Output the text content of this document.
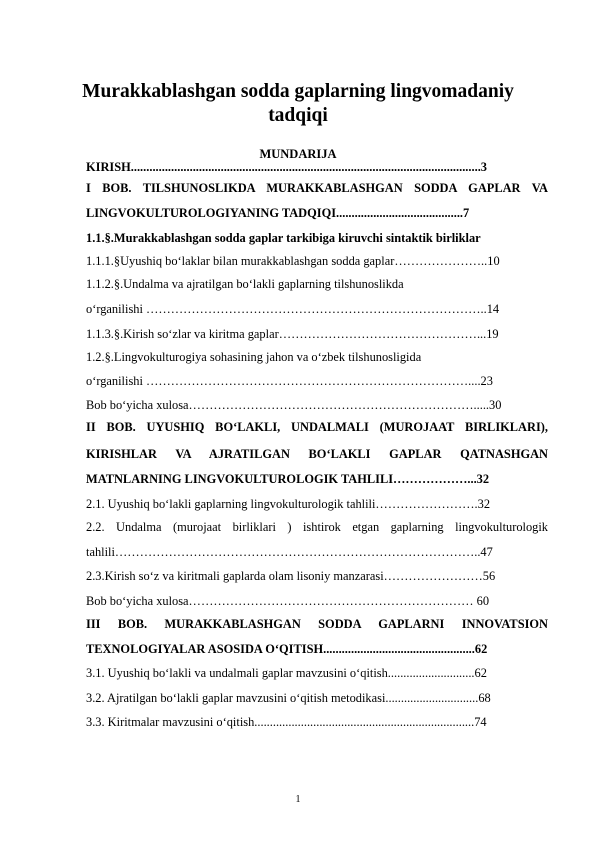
Murakkablashgan sodda gaplarning lingvomadaniy tadqiqi
MUNDARIJA
KIRISH.................................................................................................................3
I BOB. TILSHUNOSLIKDA MURAKKABLASHGAN SODDA GAPLAR VA
LINGVOKULTUROLOGIYANING TADQIQI.........................................7
1.1.§.Murakkablashgan sodda gaplar tarkibiga kiruvchi sintaktik birliklar
1.1.1.§Uyushiq bo‘laklar bilan murakkablashgan sodda gaplar…………………..10
1.1.2.§.Undalma va ajratilgan bo‘lakli gaplarning tilshunoslikda
o‘rganilishi ………………………………………………………………………..14
1.1.3.§.Kirish so‘zlar va kiritma gaplar…………………………………………...19
1.2.§.Lingvokulturogiya sohasining jahon va o‘zbek tilshunosligida
o‘rganilishi ……………………………………………………………………....23
Bob bo‘yicha xulosa…………………………………………………………….....30
II BOB. UYUSHIQ BO‘LAKLI, UNDALMALI (MUROJAAT BIRLIKLARI),
KIRISHLAR VA AJRATILGAN BO‘LAKLI GAPLAR QATNASHGAN
MATNLARNING LINGVOKULTUROLOGIK TAHLILI………………...32
2.1. Uyushiq bo‘lakli gaplarning lingvokulturologik tahlili…………………….32
2.2. Undalma (murojaat birliklari ) ishtirok etgan gaplarning lingvokulturologik
tahlili……………………………………………………………………………..47
2.3.Kirish so‘z va kiritmali gaplarda olam lisoniy manzarasi……………………56
Bob bo‘yicha xulosa…………………………………………………………… 60
III BOB. MURAKKABLASHGAN SODDA GAPLARNI INNOVATSION
TEXNOLOGIYALAR ASOSIDA O‘QITISH.................................................62
3.1. Uyushiq bo‘lakli va undalmali gaplar mavzusini o‘qitish............................62
3.2. Ajratilgan bo‘lakli gaplar mavzusini o‘qitish metodikasi..............................68
3.3. Kiritmalar mavzusini o‘qitish.......................................................................74
1
